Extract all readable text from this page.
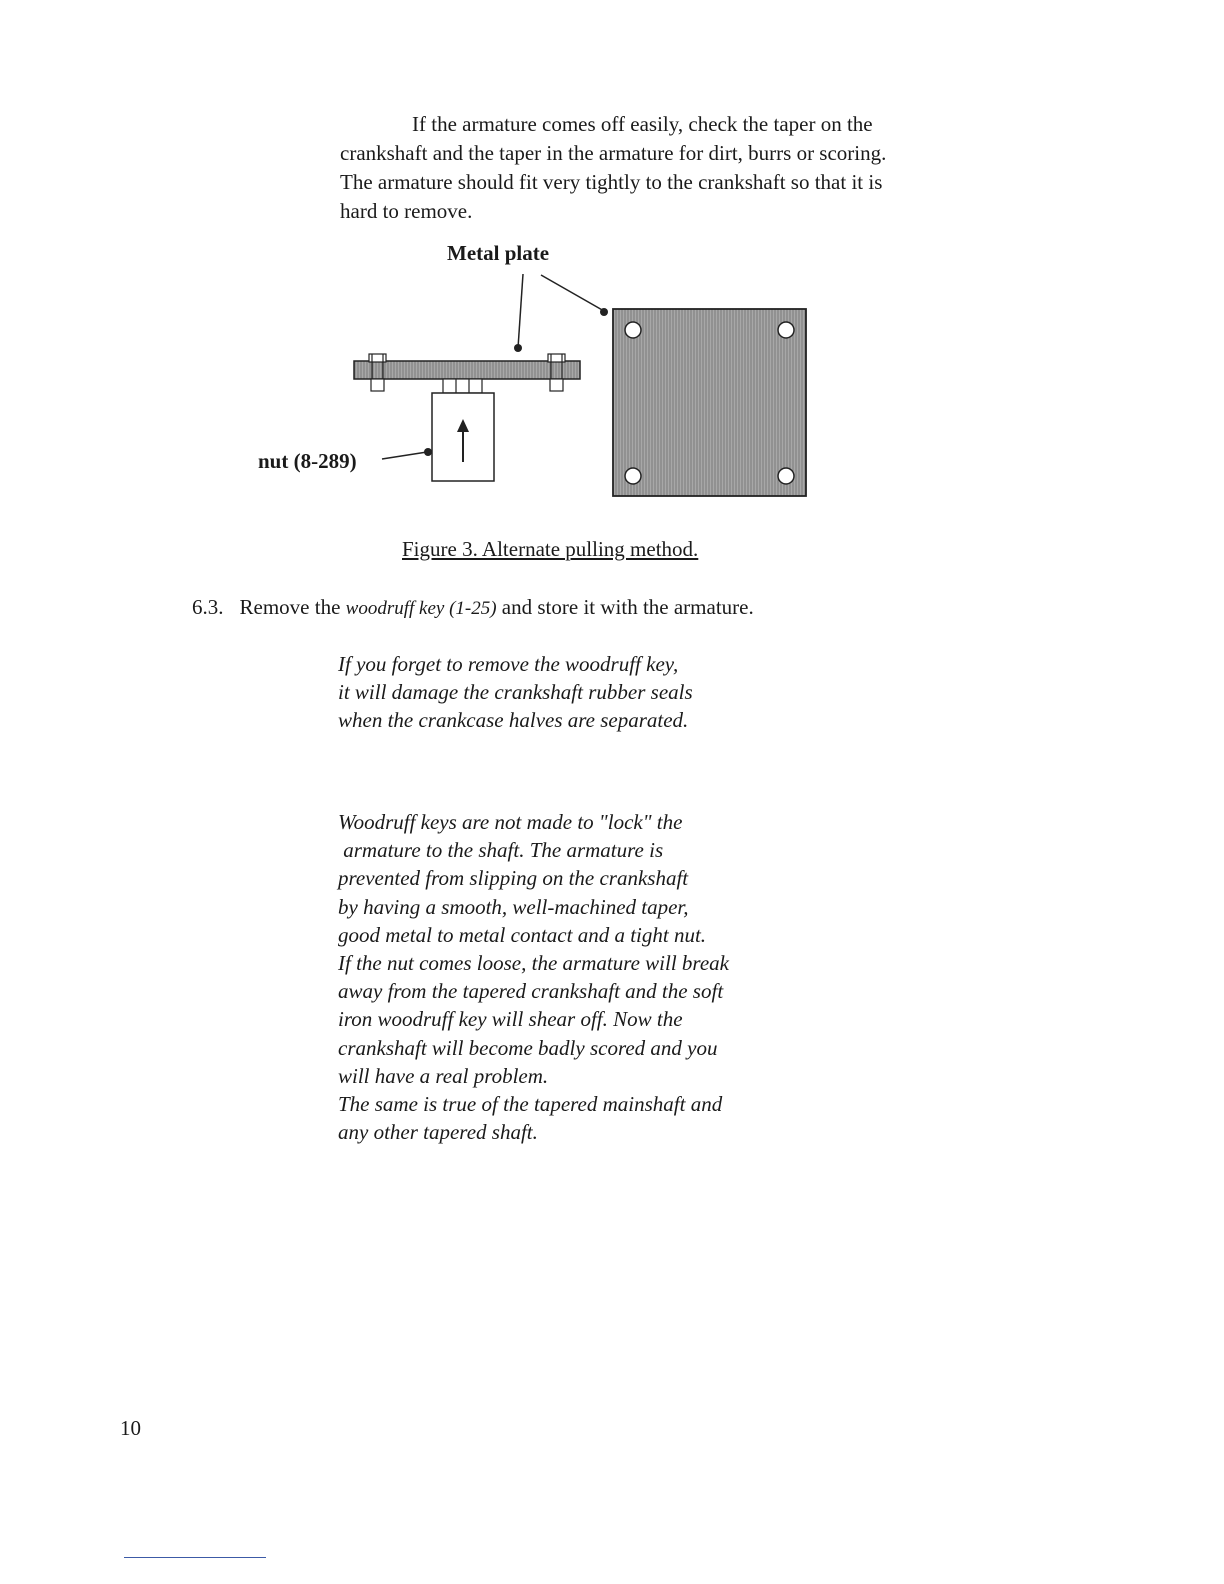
If the armature comes off easily, check the taper on the
crankshaft and the taper in the armature for dirt, burrs or scoring.
The armature should fit very tightly to the crankshaft so that it is
hard to remove.
Metal plate
nut (8-289)
Figure 3. Alternate pulling method.
6.3. Remove the woodruff key (1-25) and store it with the armature.
If you forget to remove the woodruff key,
it will damage the crankshaft rubber seals
when the crankcase halves are separated.
Woodruff keys are not made to "lock" the
armature to the shaft. The armature is
prevented from slipping on the crankshaft
by having a smooth, well-machined taper,
good metal to metal contact and a tight nut.
If the nut comes loose, the armature will break
away from the tapered crankshaft and the soft
iron woodruff key will shear off. Now the
crankshaft will become badly scored and you
will have a real problem.
The same is true of the tapered mainshaft and
any other tapered shaft.
10
